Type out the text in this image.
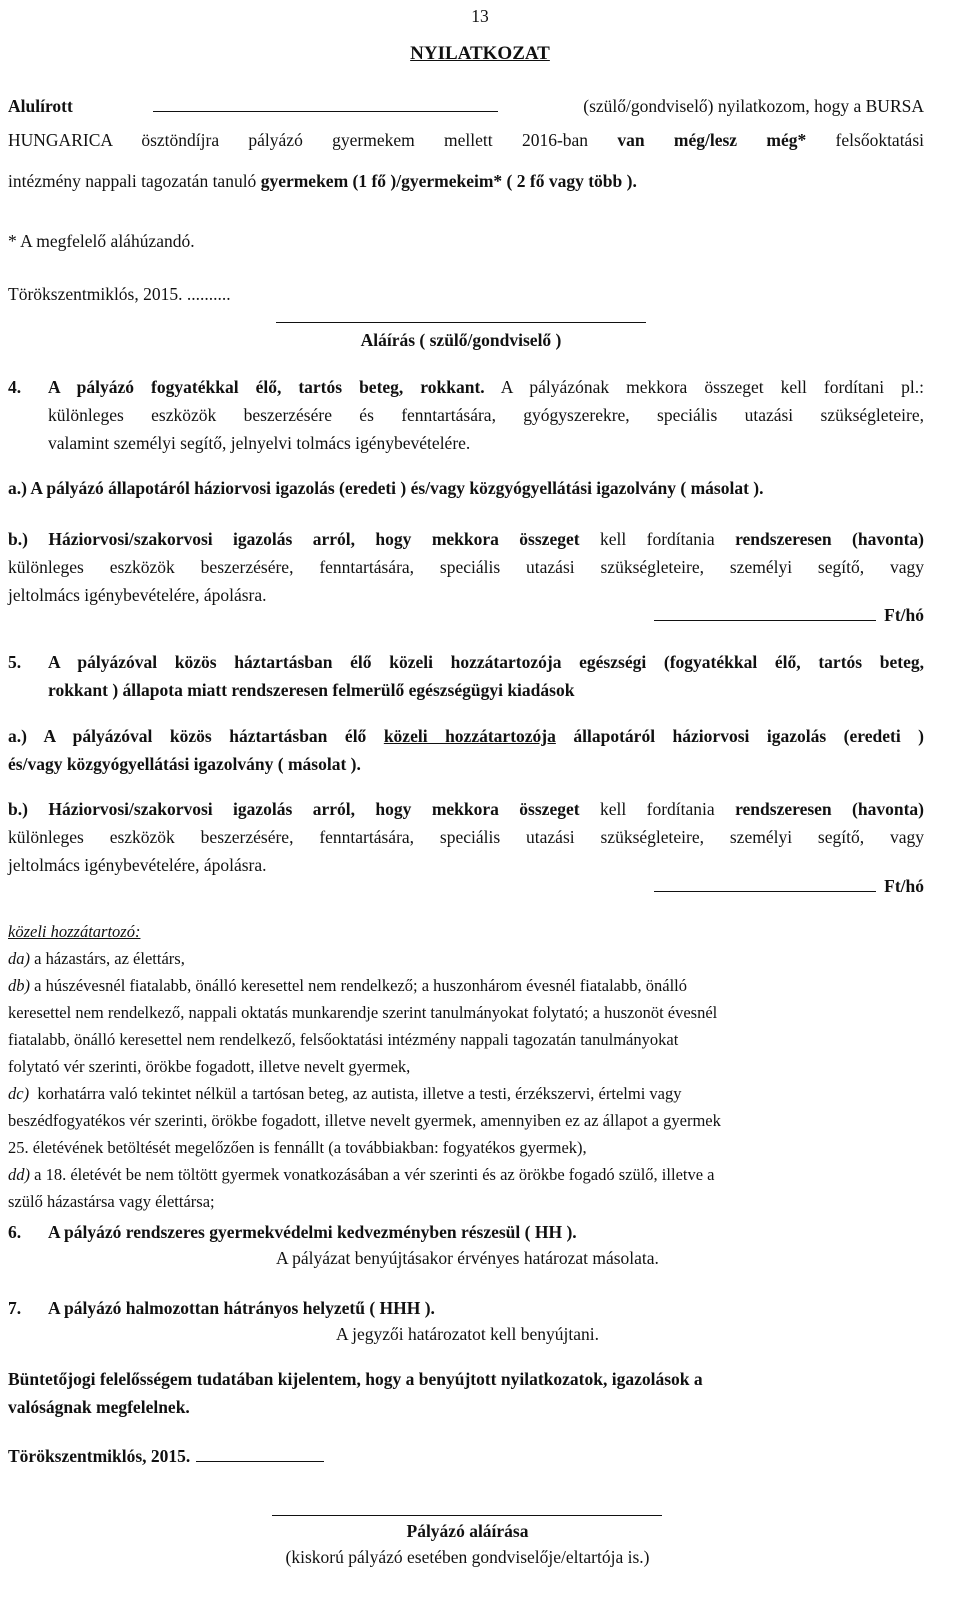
13
NYILATKOZAT
Alulírott	(szülő/gondviselő) nyilatkozom, hogy a BURSA
HUNGARICA ösztöndíjra pályázó gyermekem mellett 2016-ban van még/lesz még* felsőoktatási
intézmény nappali tagozatán tanuló gyermekem (1 fő )/gyermekeim* ( 2 fő vagy több ).
* A megfelelő aláhúzandó.
Törökszentmiklós, 2015. ..........
Aláírás ( szülő/gondviselő )
4. A pályázó fogyatékkal élő, tartós beteg, rokkant. A pályázónak mekkora összeget kell fordítani pl.:
különleges eszközök beszerzésére és fenntartására, gyógyszerekre, speciális utazási szükségleteire,
valamint személyi segítő, jelnyelvi tolmács igénybevételére.
a.) A pályázó állapotáról háziorvosi igazolás (eredeti ) és/vagy közgyógyellátási igazolvány ( másolat ).
b.) Háziorvosi/szakorvosi igazolás arról, hogy mekkora összeget kell fordítania rendszeresen (havonta)
különleges eszközök beszerzésére, fenntartására, speciális utazási szükségleteire, személyi segítő, vagy
jeltolmács igénybevételére, ápolásra.
Ft/hó
5. A pályázóval közös háztartásban élő közeli hozzátartozója egészségi (fogyatékkal élő, tartós beteg,
rokkant ) állapota miatt rendszeresen felmerülő egészségügyi kiadások
a.) A pályázóval közös háztartásban élő közeli hozzátartozója állapotáról háziorvosi igazolás (eredeti )
és/vagy közgyógyellátási igazolvány ( másolat ).
b.) Háziorvosi/szakorvosi igazolás arról, hogy mekkora összeget kell fordítania rendszeresen (havonta)
különleges eszközök beszerzésére, fenntartására, speciális utazási szükségleteire, személyi segítő, vagy
jeltolmács igénybevételére, ápolásra.
Ft/hó
közeli hozzátartozó:
da) a házastárs, az élettárs,
db) a húszévesnél fiatalabb, önálló keresettel nem rendelkező; a huszonhárom évesnél fiatalabb, önálló
keresettel nem rendelkező, nappali oktatás munkarendje szerint tanulmányokat folytató; a huszonöt évesnél
fiatalabb, önálló keresettel nem rendelkező, felsőoktatási intézmény nappali tagozatán tanulmányokat
folytató vér szerinti, örökbe fogadott, illetve nevelt gyermek,
dc) korhatárra való tekintet nélkül a tartósan beteg, az autista, illetve a testi, érzékszervi, értelmi vagy
beszédfogyatékos vér szerinti, örökbe fogadott, illetve nevelt gyermek, amennyiben ez az állapot a gyermek
25. életévének betöltését megelőzően is fennállt (a továbbiakban: fogyatékos gyermek),
dd) a 18. életévét be nem töltött gyermek vonatkozásában a vér szerinti és az örökbe fogadó szülő, illetve a
szülő házastársa vagy élettársa;
6. A pályázó rendszeres gyermekvédelmi kedvezményben részesül ( HH ).
A pályázat benyújtásakor érvényes határozat másolata.
7. A pályázó halmozottan hátrányos helyzetű ( HHH ).
A jegyzői határozatot kell benyújtani.
Büntetőjogi felelősségem tudatában kijelentem, hogy a benyújtott nyilatkozatok, igazolások a
valóságnak megfelelnek.
Törökszentmiklós, 2015.
Pályázó aláírása
(kiskorú pályázó esetében gondviselője/eltartója is.)
